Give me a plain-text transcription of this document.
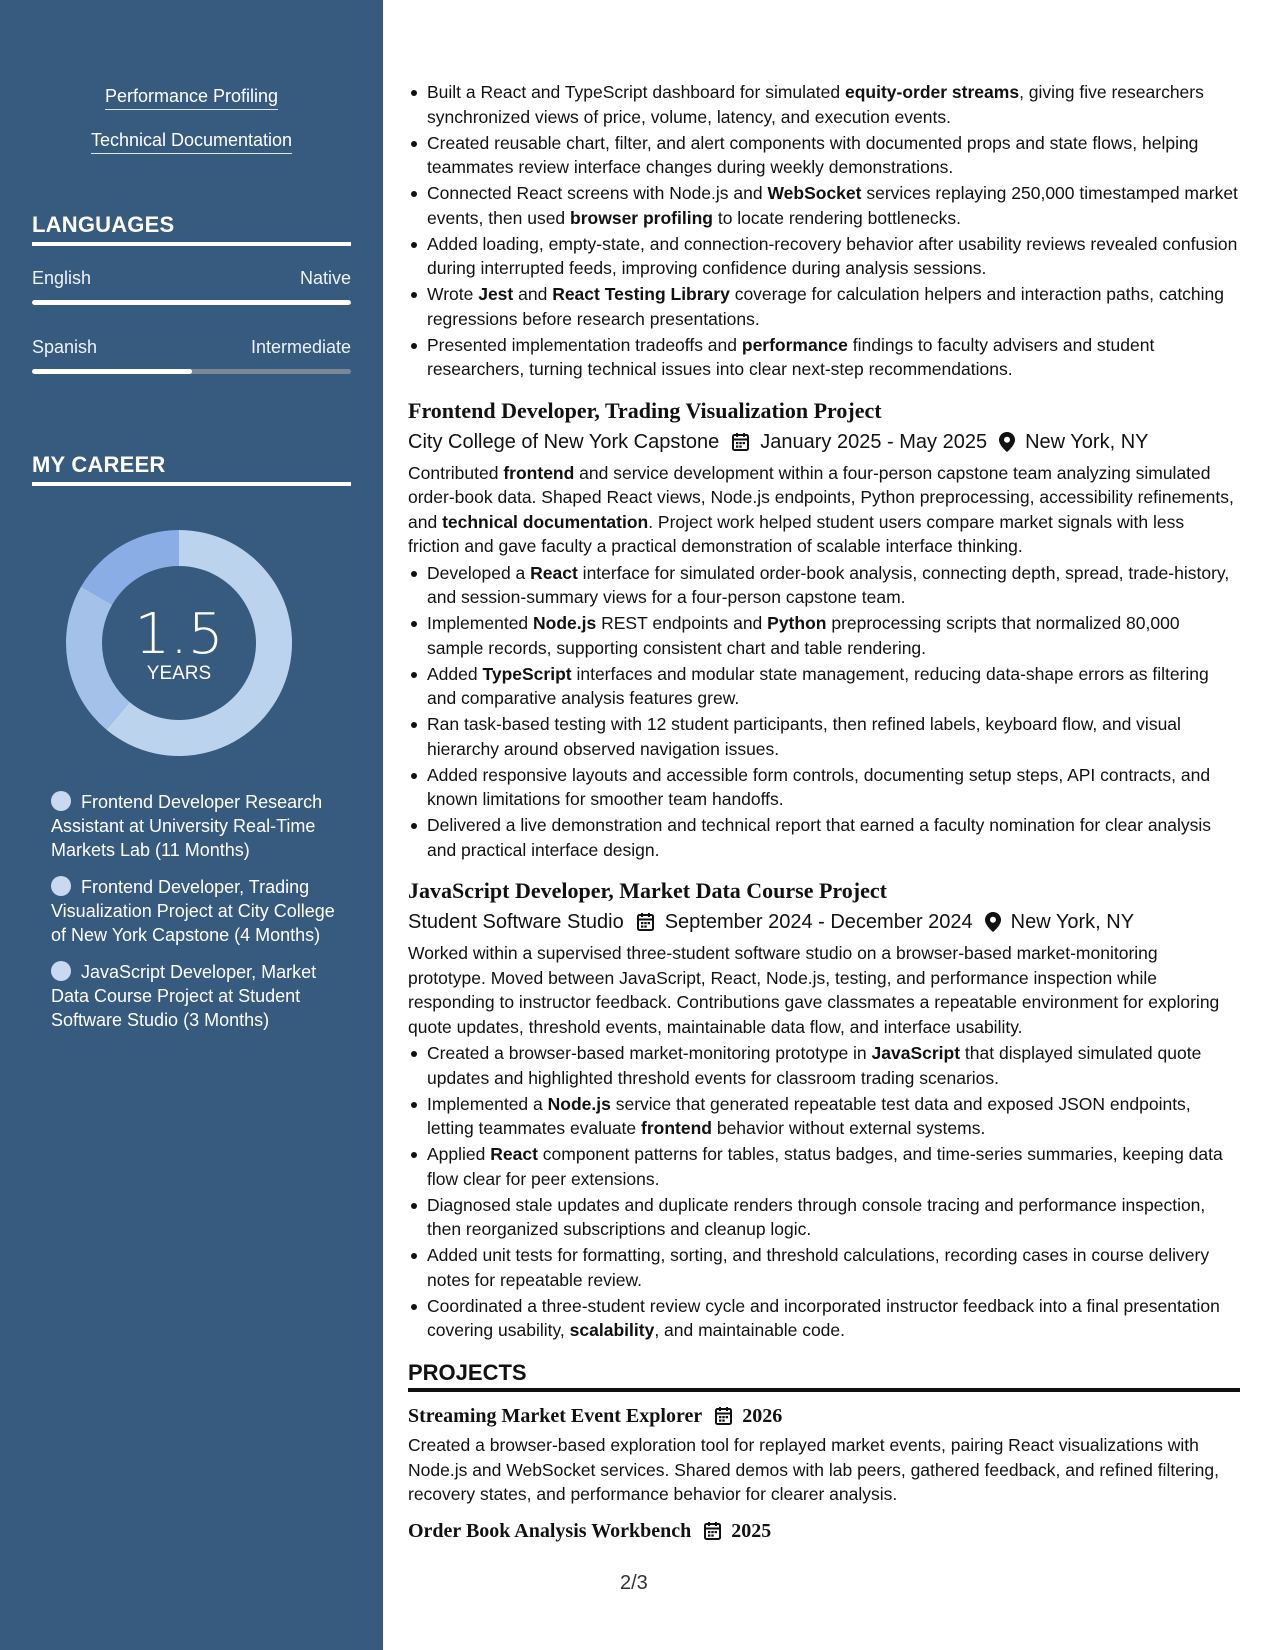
Performance Profiling
Technical Documentation
LANGUAGES
English	Native
Spanish	Intermediate
MY CAREER
1.5
YEARS
Frontend Developer Research Assistant at University Real-Time Markets Lab (11 Months)
Frontend Developer, Trading Visualization Project at City College of New York Capstone (4 Months)
JavaScript Developer, Market Data Course Project at Student Software Studio (3 Months)
Built a React and TypeScript dashboard for simulated equity-order streams, giving five researchers synchronized views of price, volume, latency, and execution events.
Created reusable chart, filter, and alert components with documented props and state flows, helping teammates review interface changes during weekly demonstrations.
Connected React screens with Node.js and WebSocket services replaying 250,000 timestamped market events, then used browser profiling to locate rendering bottlenecks.
Added loading, empty-state, and connection-recovery behavior after usability reviews revealed confusion during interrupted feeds, improving confidence during analysis sessions.
Wrote Jest and React Testing Library coverage for calculation helpers and interaction paths, catching regressions before research presentations.
Presented implementation tradeoffs and performance findings to faculty advisers and student researchers, turning technical issues into clear next-step recommendations.
Frontend Developer, Trading Visualization Project
City College of New York Capstone January 2025 - May 2025 New York, NY
Contributed frontend and service development within a four-person capstone team analyzing simulated order-book data. Shaped React views, Node.js endpoints, Python preprocessing, accessibility refinements, and technical documentation. Project work helped student users compare market signals with less friction and gave faculty a practical demonstration of scalable interface thinking.
Developed a React interface for simulated order-book analysis, connecting depth, spread, trade-history, and session-summary views for a four-person capstone team.
Implemented Node.js REST endpoints and Python preprocessing scripts that normalized 80,000 sample records, supporting consistent chart and table rendering.
Added TypeScript interfaces and modular state management, reducing data-shape errors as filtering and comparative analysis features grew.
Ran task-based testing with 12 student participants, then refined labels, keyboard flow, and visual hierarchy around observed navigation issues.
Added responsive layouts and accessible form controls, documenting setup steps, API contracts, and known limitations for smoother team handoffs.
Delivered a live demonstration and technical report that earned a faculty nomination for clear analysis and practical interface design.
JavaScript Developer, Market Data Course Project
Student Software Studio September 2024 - December 2024 New York, NY
Worked within a supervised three-student software studio on a browser-based market-monitoring prototype. Moved between JavaScript, React, Node.js, testing, and performance inspection while responding to instructor feedback. Contributions gave classmates a repeatable environment for exploring quote updates, threshold events, maintainable data flow, and interface usability.
Created a browser-based market-monitoring prototype in JavaScript that displayed simulated quote updates and highlighted threshold events for classroom trading scenarios.
Implemented a Node.js service that generated repeatable test data and exposed JSON endpoints, letting teammates evaluate frontend behavior without external systems.
Applied React component patterns for tables, status badges, and time-series summaries, keeping data flow clear for peer extensions.
Diagnosed stale updates and duplicate renders through console tracing and performance inspection, then reorganized subscriptions and cleanup logic.
Added unit tests for formatting, sorting, and threshold calculations, recording cases in course delivery notes for repeatable review.
Coordinated a three-student review cycle and incorporated instructor feedback into a final presentation covering usability, scalability, and maintainable code.
PROJECTS
Streaming Market Event Explorer 2026
Created a browser-based exploration tool for replayed market events, pairing React visualizations with Node.js and WebSocket services. Shared demos with lab peers, gathered feedback, and refined filtering, recovery states, and performance behavior for clearer analysis.
Order Book Analysis Workbench 2025
2/3
